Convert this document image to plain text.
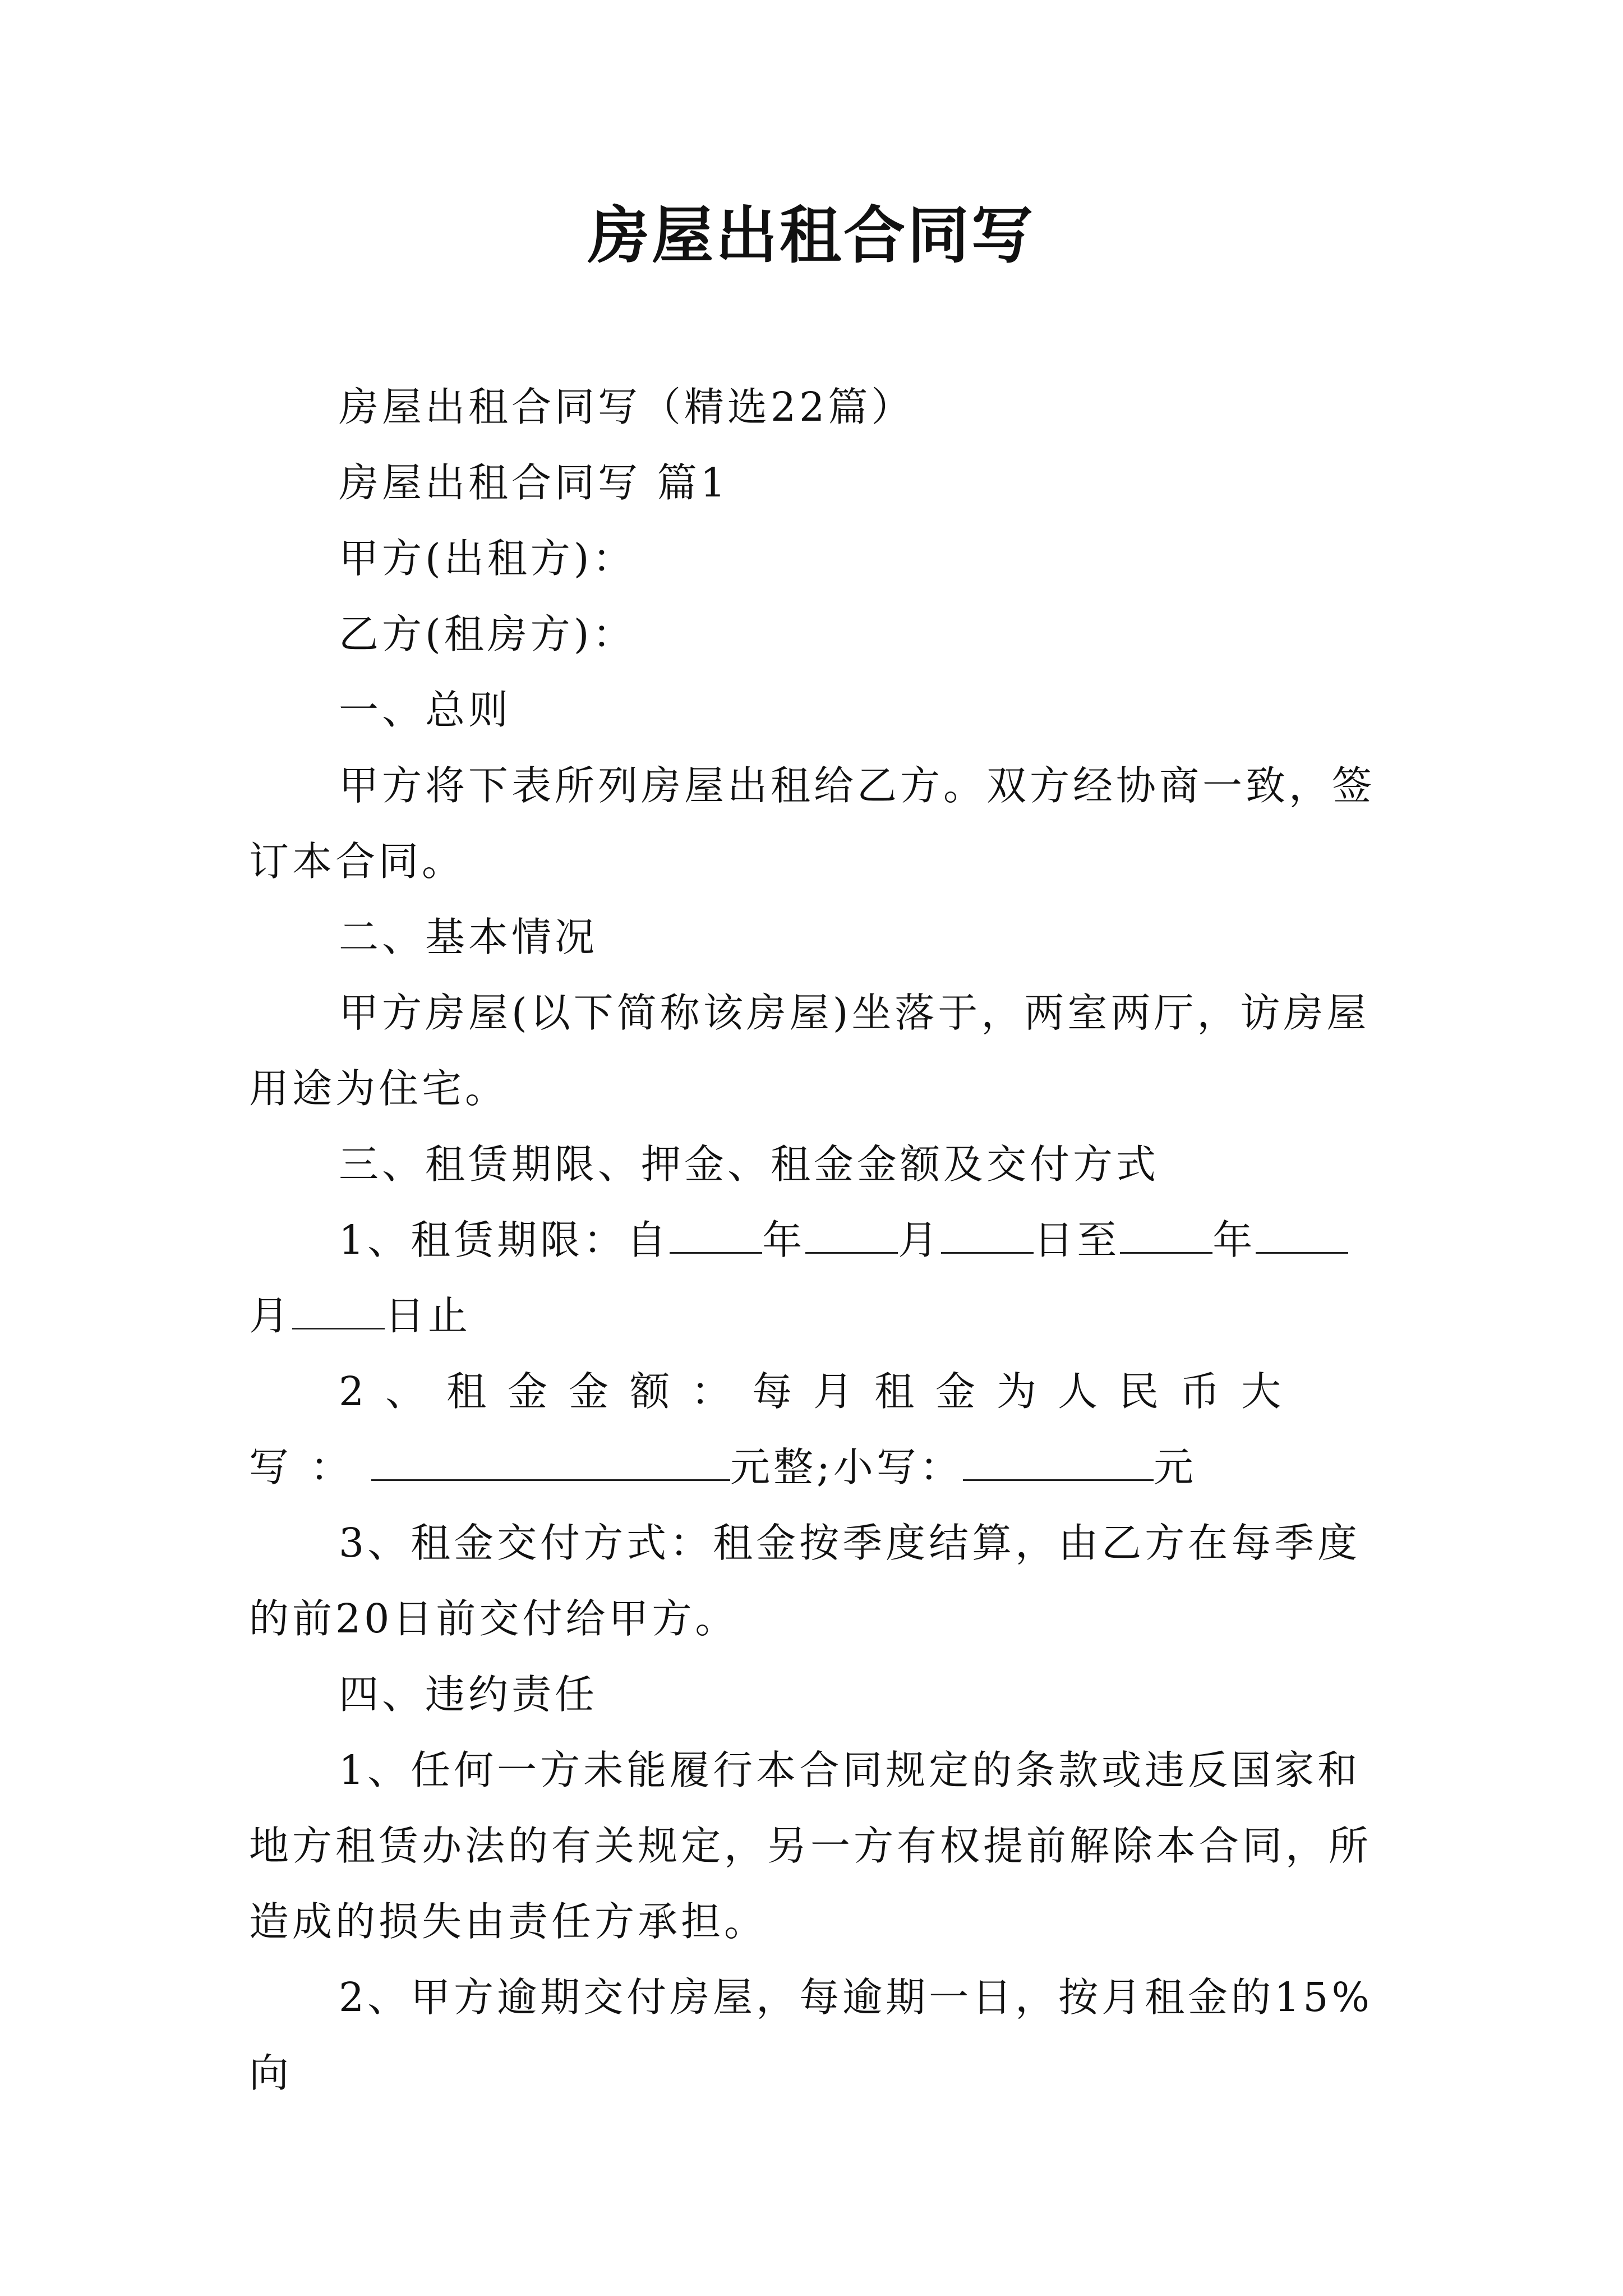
房屋出租合同写

房屋出租合同写（精选22篇）

房屋出租合同写 篇1

甲方(出租方)：

乙方(租房方)：

一、总则

甲方将下表所列房屋出租给乙方。双方经协商一致，签订本合同。

二、基本情况

甲方房屋(以下简称该房屋)坐落于，两室两厅，访房屋用途为住宅。

三、租赁期限、押金、租金金额及交付方式

1、租赁期限：自 年 月 日至 年月 日止

2、租金金额：每月租金为人民币大写：	元整;小写：	元

3、租金交付方式：租金按季度结算，由乙方在每季度的前20日前交付给甲方。

四、违约责任

1、任何一方未能履行本合同规定的条款或违反国家和地方租赁办法的有关规定，另一方有权提前解除本合同，所造成的损失由责任方承担。

2、甲方逾期交付房屋，每逾期一日，按月租金的15%向
